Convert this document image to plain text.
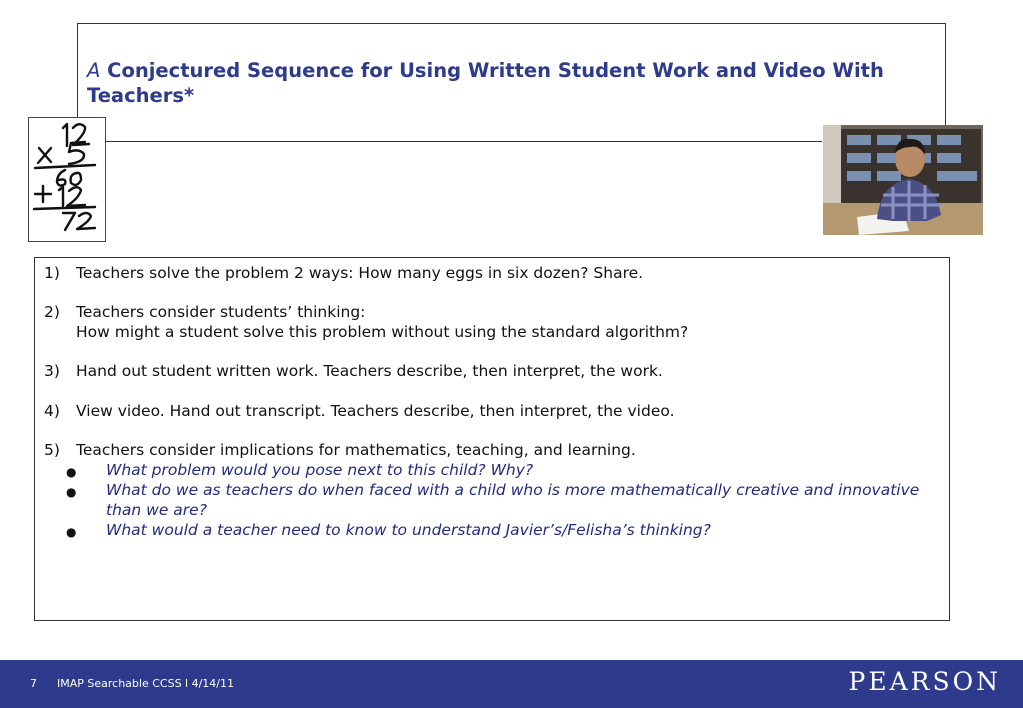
A Conjectured Sequence for Using Written Student Work and Video With Teachers*
1) Teachers solve the problem 2 ways: How many eggs in six dozen? Share.
2) Teachers consider students’ thinking:
How might a student solve this problem without using the standard algorithm?
3) Hand out student written work. Teachers describe, then interpret, the work.
4) View video. Hand out transcript. Teachers describe, then interpret, the video.
5) Teachers consider implications for mathematics, teaching, and learning.
● What problem would you pose next to this child? Why?
● What do we as teachers do when faced with a child who is more mathematically creative and innovative than we are?
● What would a teacher need to know to understand Javier’s/Felisha’s thinking?
7 IMAP Searchable CCSS l 4/14/11	PEARSON
